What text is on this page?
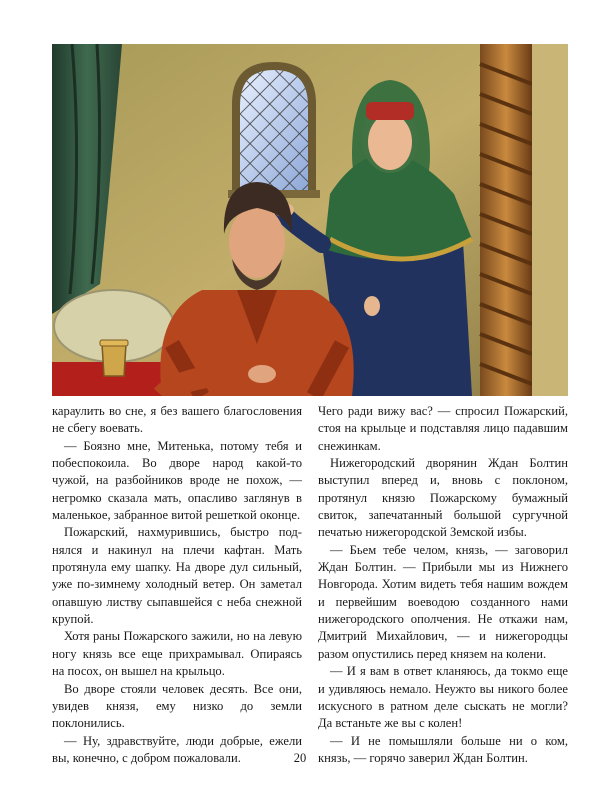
караулить во сне, я без вашего благословения не сбегу воевать.

— Боязно мне, Митенька, потому тебя и побеспокоила. Во дворе народ какой-то чужой, на разбойников вроде не похож, — негромко сказала мать, опасливо заглянув в маленькое, забранное витой решеткой оконце.

Пожарский, нахмурившись, быстро поднялся и накинул на плечи кафтан. Мать протянула ему шапку. На дворе дул сильный, уже по-зимнему холодный ветер. Он заметал опавшую листву сыпавшейся с неба снежной крупой.

Хотя раны Пожарского зажили, но на левую ногу князь все еще прихрамывал. Опираясь на посох, он вышел на крыльцо.

Во дворе стояли человек десять. Все они, увидев князя, ему низко до земли поклонились.

— Ну, здравствуйте, люди добрые, ежели вы, конечно, с добром пожаловали.

Чего ради вижу вас? — спросил Пожарский, стоя на крыльце и подставляя лицо падавшим снежинкам.

Нижегородский дворянин Ждан Болтин выступил вперед и, вновь с поклоном, протянул князю Пожарскому бумажный свиток, запечатанный большой сургучной печатью нижегородской Земской избы.

— Бьем тебе челом, князь, — заговорил Ждан Болтин. — Прибыли мы из Нижнего Новгорода. Хотим видеть тебя нашим вождем и первейшим воеводою созданного нами нижегородского ополчения. Не откажи нам, Дмитрий Михайлович, — и нижегородцы разом опустились перед князем на колени.

— И я вам в ответ кланяюсь, да токмо еще и удивляюсь немало. Неужто вы никого более искусного в ратном деле сыскать не могли? Да встаньте же вы с колен!

— И не помышляли больше ни о ком, князь, — горячо заверил Ждан Болтин.

20
